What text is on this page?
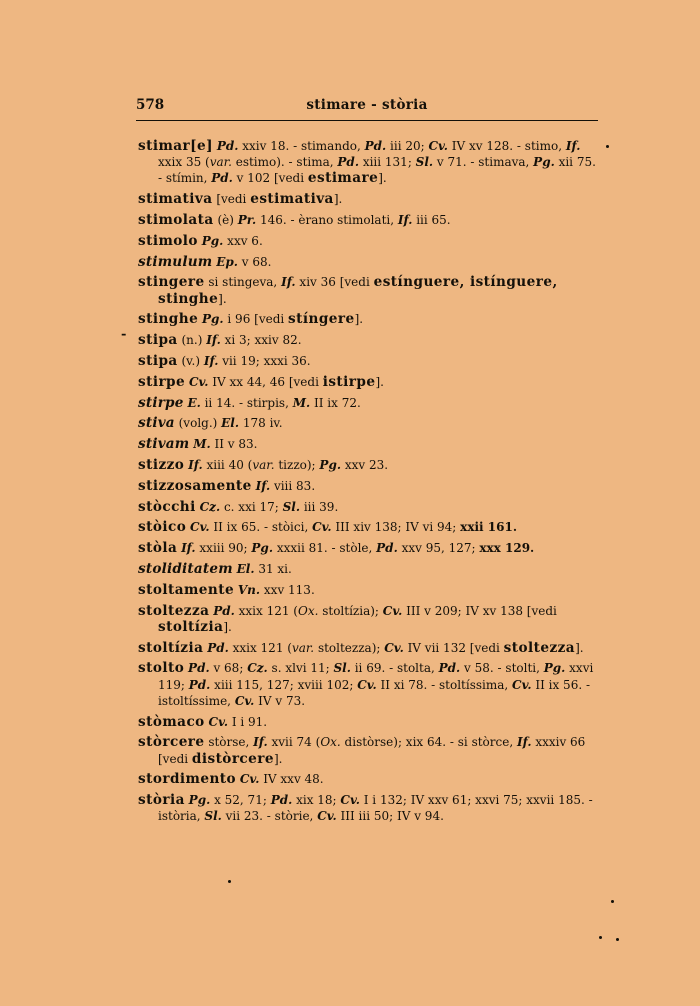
578	stimare - stòria
stimar[e] Pd. xxiv 18. - stimando, Pd. iii 20; Cv. IV xv 128. - stimo, If. xxix 35 (var. estimo). - stima, Pd. xiii 131; Sl. v 71. - stimava, Pg. xii 75. - stímin, Pd. v 102 [vedi estimare].
stimativa [vedi estimativa].
stimolata (è) Pr. 146. - èrano stimolati, If. iii 65.
stimolo Pg. xxv 6.
stimulum Ep. v 68.
stingere si stingeva, If. xiv 36 [vedi estínguere, istínguere, stinghe].
stinghe Pg. i 96 [vedi stíngere].
stipa (n.) If. xi 3; xxiv 82.
stipa (v.) If. vii 19; xxxi 36.
stirpe Cv. IV xx 44, 46 [vedi istirpe].
stirpe E. ii 14. - stirpis, M. II ix 72.
stiva (volg.) El. 178 iv.
stivam M. II v 83.
stizzo If. xiii 40 (var. tizzo); Pg. xxv 23.
stizzosamente If. viii 83.
stòcchi Cz. c. xxi 17; Sl. iii 39.
stòico Cv. II ix 65. - stòici, Cv. III xiv 138; IV vi 94; xxii 161.
stòla If. xxiii 90; Pg. xxxii 81. - stòle, Pd. xxv 95, 127; xxx 129.
stoliditatem El. 31 xi.
stoltamente Vn. xxv 113.
stoltezza Pd. xxix 121 (Ox. stoltízia); Cv. III v 209; IV xv 138 [vedi stoltízia].
stoltízia Pd. xxix 121 (var. stoltezza); Cv. IV vii 132 [vedi stoltezza].
stolto Pd. v 68; Cz. s. xlvi 11; Sl. ii 69. - stolta, Pd. v 58. - stolti, Pg. xxvi 119; Pd. xiii 115, 127; xviii 102; Cv. II xi 78. - stoltíssima, Cv. II ix 56. - istoltíssime, Cv. IV v 73.
stòmaco Cv. I i 91.
stòrcere stòrse, If. xvii 74 (Ox. distòrse); xix 64. - si stòrce, If. xxxiv 66 [vedi distòrcere].
stordimento Cv. IV xxv 48.
stòria Pg. x 52, 71; Pd. xix 18; Cv. I i 132; IV xxv 61; xxvi 75; xxvii 185. - istòria, Sl. vii 23. - stòrie, Cv. III iii 50; IV v 94.
‐
